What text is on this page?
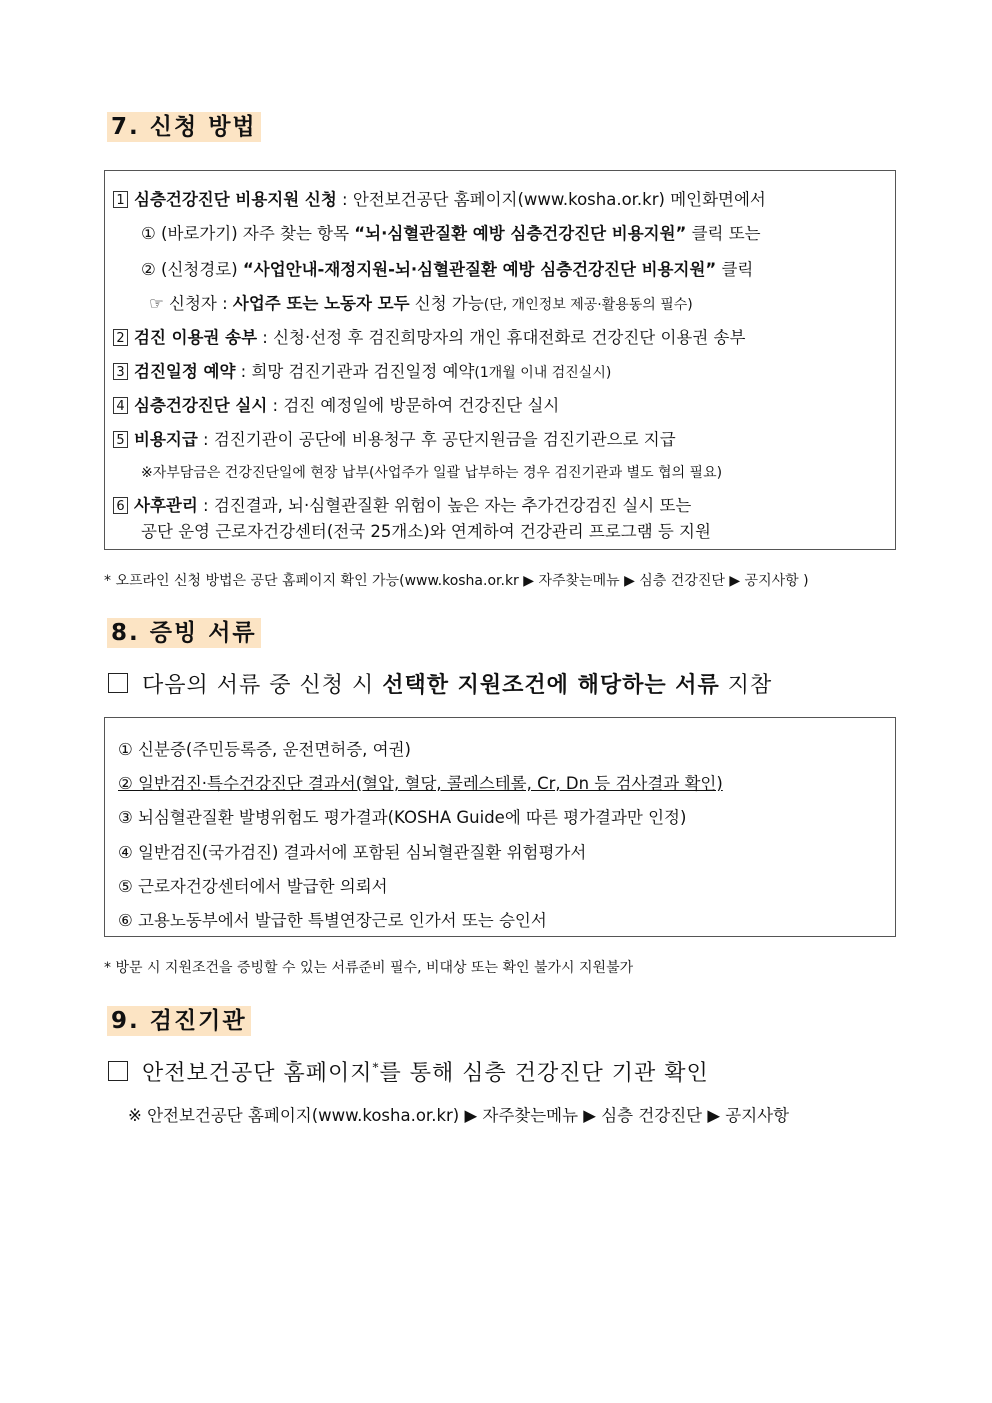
7. 신청 방법
1 심층건강진단 비용지원 신청 : 안전보건공단 홈페이지(www.kosha.or.kr) 메인화면에서
① (바로가기) 자주 찾는 항목 “뇌·심혈관질환 예방 심층건강진단 비용지원” 클릭 또는
② (신청경로) “사업안내-재정지원-뇌·심혈관질환 예방 심층건강진단 비용지원” 클릭
☞ 신청자 : 사업주 또는 노동자 모두 신청 가능(단, 개인정보 제공·활용동의 필수)
2 검진 이용권 송부 : 신청·선정 후 검진희망자의 개인 휴대전화로 건강진단 이용권 송부
3 검진일정 예약 : 희망 검진기관과 검진일정 예약(1개월 이내 검진실시)
4 심층건강진단 실시 : 검진 예정일에 방문하여 건강진단 실시
5 비용지급 : 검진기관이 공단에 비용청구 후 공단지원금을 검진기관으로 지급
※자부담금은 건강진단일에 현장 납부(사업주가 일괄 납부하는 경우 검진기관과 별도 협의 필요)
6 사후관리 : 검진결과, 뇌·심혈관질환 위험이 높은 자는 추가건강검진 실시 또는
공단 운영 근로자건강센터(전국 25개소)와 연계하여 건강관리 프로그램 등 지원
* 오프라인 신청 방법은 공단 홈페이지 확인 가능(www.kosha.or.kr ▶ 자주찾는메뉴 ▶ 심층 건강진단 ▶ 공지사항 )
8. 증빙 서류
다음의 서류 중 신청 시 선택한 지원조건에 해당하는 서류 지참
① 신분증(주민등록증, 운전면허증, 여권)
② 일반검진·특수건강진단 결과서(혈압, 혈당, 콜레스테롤, Cr, Dn 등 검사결과 확인)
③ 뇌심혈관질환 발병위험도 평가결과(KOSHA Guide에 따른 평가결과만 인정)
④ 일반검진(국가검진) 결과서에 포함된 심뇌혈관질환 위험평가서
⑤ 근로자건강센터에서 발급한 의뢰서
⑥ 고용노동부에서 발급한 특별연장근로 인가서 또는 승인서
* 방문 시 지원조건을 증빙할 수 있는 서류준비 필수, 비대상 또는 확인 불가시 지원불가
9. 검진기관
안전보건공단 홈페이지*를 통해 심층 건강진단 기관 확인
※ 안전보건공단 홈페이지(www.kosha.or.kr) ▶ 자주찾는메뉴 ▶ 심층 건강진단 ▶ 공지사항
